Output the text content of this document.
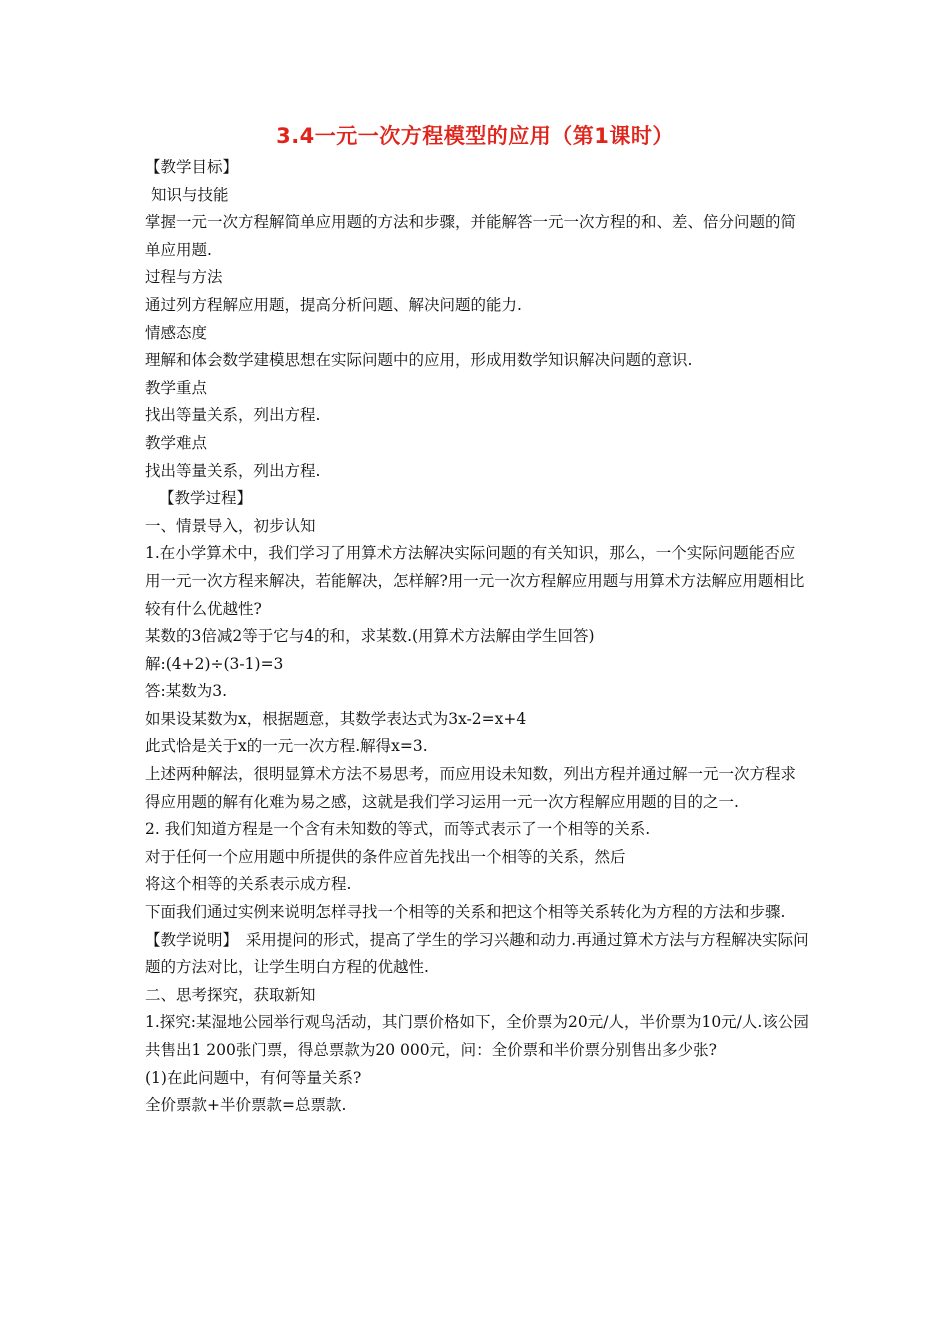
3.4一元一次方程模型的应用（第1课时）

【教学目标】

知识与技能

掌握一元一次方程解简单应用题的方法和步骤，并能解答一元一次方程的和、差、倍分问题的简单应用题.

过程与方法

通过列方程解应用题，提高分析问题、解决问题的能力.

情感态度

理解和体会数学建模思想在实际问题中的应用，形成用数学知识解决问题的意识.

教学重点

找出等量关系，列出方程.

教学难点

找出等量关系，列出方程.

【教学过程】

一、情景导入，初步认知

1.在小学算术中，我们学习了用算术方法解决实际问题的有关知识，那么，一个实际问题能否应用一元一次方程来解决，若能解决，怎样解?用一元一次方程解应用题与用算术方法解应用题相比较有什么优越性?

某数的3倍减2等于它与4的和，求某数.(用算术方法解由学生回答)

解:(4+2)÷(3-1)=3

答:某数为3.

如果设某数为x，根据题意，其数学表达式为3x-2=x+4

此式恰是关于x的一元一次方程.解得x=3.

上述两种解法，很明显算术方法不易思考，而应用设未知数，列出方程并通过解一元一次方程求得应用题的解有化难为易之感，这就是我们学习运用一元一次方程解应用题的目的之一.

2. 我们知道方程是一个含有未知数的等式，而等式表示了一个相等的关系.

对于任何一个应用题中所提供的条件应首先找出一个相等的关系，然后

将这个相等的关系表示成方程.

下面我们通过实例来说明怎样寻找一个相等的关系和把这个相等关系转化为方程的方法和步骤.

【教学说明】　采用提问的形式，提高了学生的学习兴趣和动力.再通过算术方法与方程解决实际问题的方法对比，让学生明白方程的优越性.

二、思考探究，获取新知

1.探究:某湿地公园举行观鸟活动，其门票价格如下，全价票为20元/人，半价票为10元/人.该公园共售出1 200张门票，得总票款为20 000元，问：全价票和半价票分别售出多少张?

(1)在此问题中，有何等量关系?

全价票款+半价票款=总票款.
